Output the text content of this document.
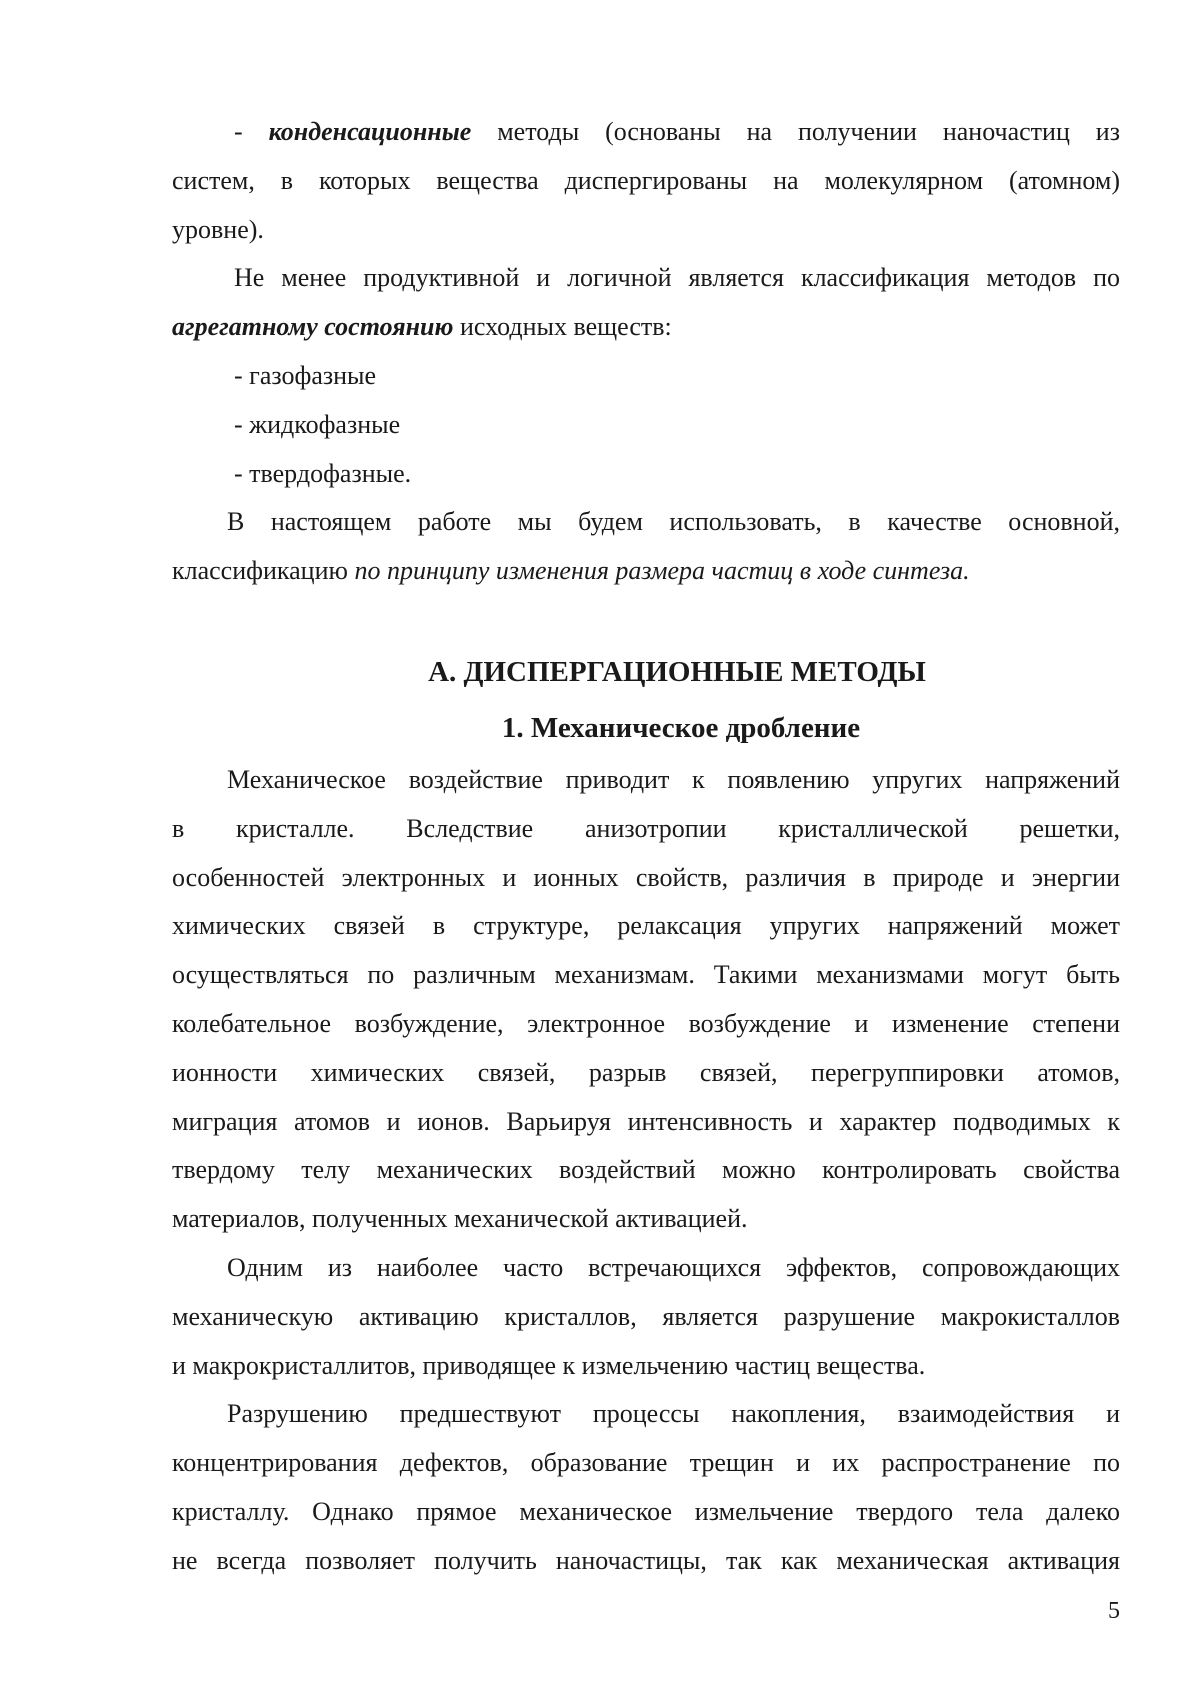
- конденсационные методы (основаны на получении наночастиц из
систем, в которых вещества диспергированы на молекулярном (атомном)
уровне).
Не менее продуктивной и логичной является классификация методов по
агрегатному состоянию исходных веществ:
- газофазные
- жидкофазные
- твердофазные.
В настоящем работе мы будем использовать, в качестве основной,
классификацию по принципу изменения размера частиц в ходе синтеза.
А. ДИСПЕРГАЦИОННЫЕ МЕТОДЫ
1. Механическое дробление
Механическое воздействие приводит к появлению упругих напряжений
в кристалле. Вследствие анизотропии кристаллической решетки,
особенностей электронных и ионных свойств, различия в природе и энергии
химических связей в структуре, релаксация упругих напряжений может
осуществляться по различным механизмам. Такими механизмами могут быть
колебательное возбуждение, электронное возбуждение и изменение степени
ионности химических связей, разрыв связей, перегруппировки атомов,
миграция атомов и ионов. Варьируя интенсивность и характер подводимых к
твердому телу механических воздействий можно контролировать свойства
материалов, полученных механической активацией.
Одним из наиболее часто встречающихся эффектов, сопровождающих
механическую активацию кристаллов, является разрушение макрокисталлов
и макрокристаллитов, приводящее к измельчению частиц вещества.
Разрушению предшествуют процессы накопления, взаимодействия и
концентрирования дефектов, образование трещин и их распространение по
кристаллу. Однако прямое механическое измельчение твердого тела далеко
не всегда позволяет получить наночастицы, так как механическая активация
5
